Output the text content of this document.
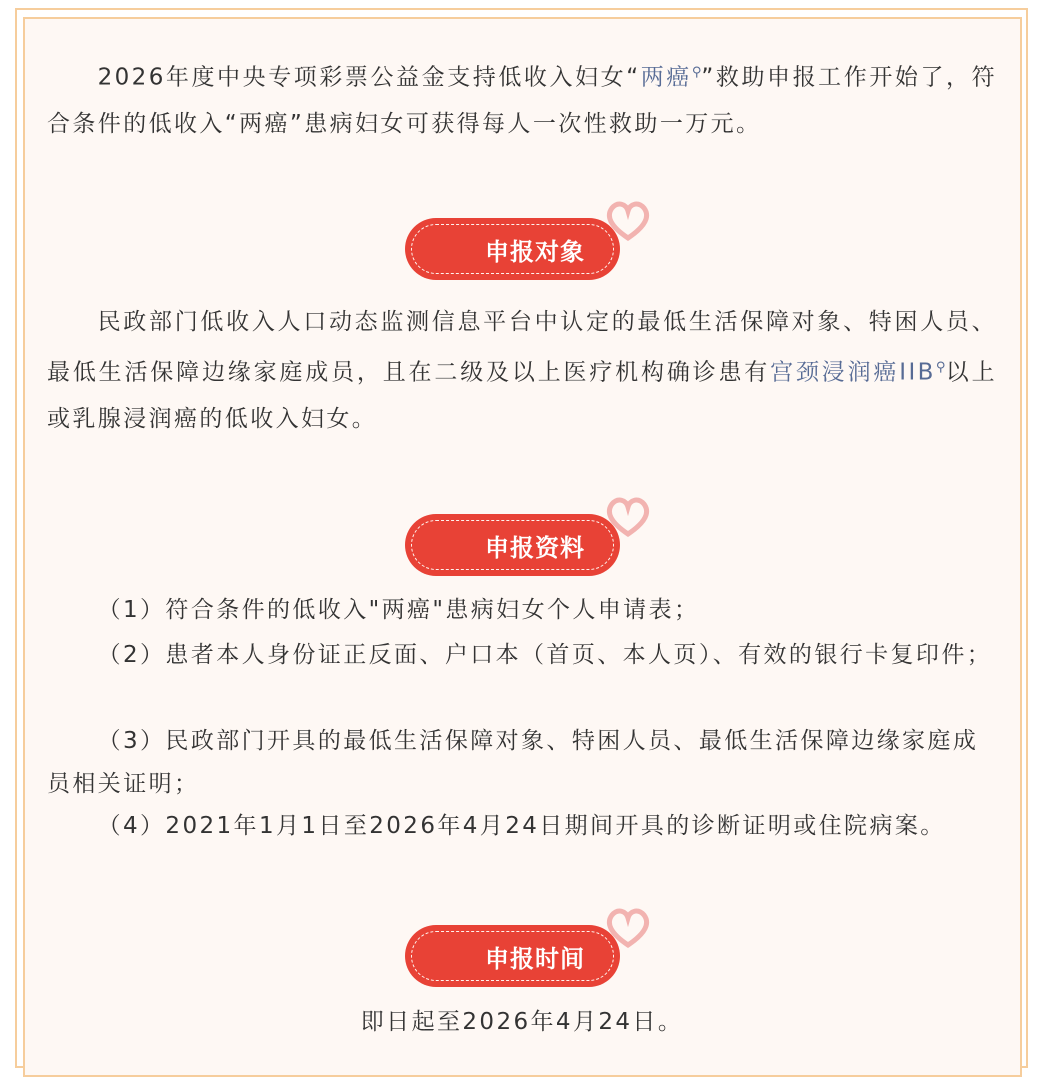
2026年度中央专项彩票公益金支持低收入妇女“两癌⚲”救助申报工作开始了，符合条件的低收入“两癌”患病妇女可获得每人一次性救助一万元。

申报对象

民政部门低收入人口动态监测信息平台中认定的最低生活保障对象、特困人员、最低生活保障边缘家庭成员，且在二级及以上医疗机构确诊患有宫颈浸润癌IIB⚲以上或乳腺浸润癌的低收入妇女。

申报资料

（1）符合条件的低收入"两癌"患病妇女个人申请表；

（2）患者本人身份证正反面、户口本（首页、本人页）、有效的银行卡复印件；

（3）民政部门开具的最低生活保障对象、特困人员、最低生活保障边缘家庭成员相关证明；

（4）2021年1月1日至2026年4月24日期间开具的诊断证明或住院病案。

申报时间

即日起至2026年4月24日。
